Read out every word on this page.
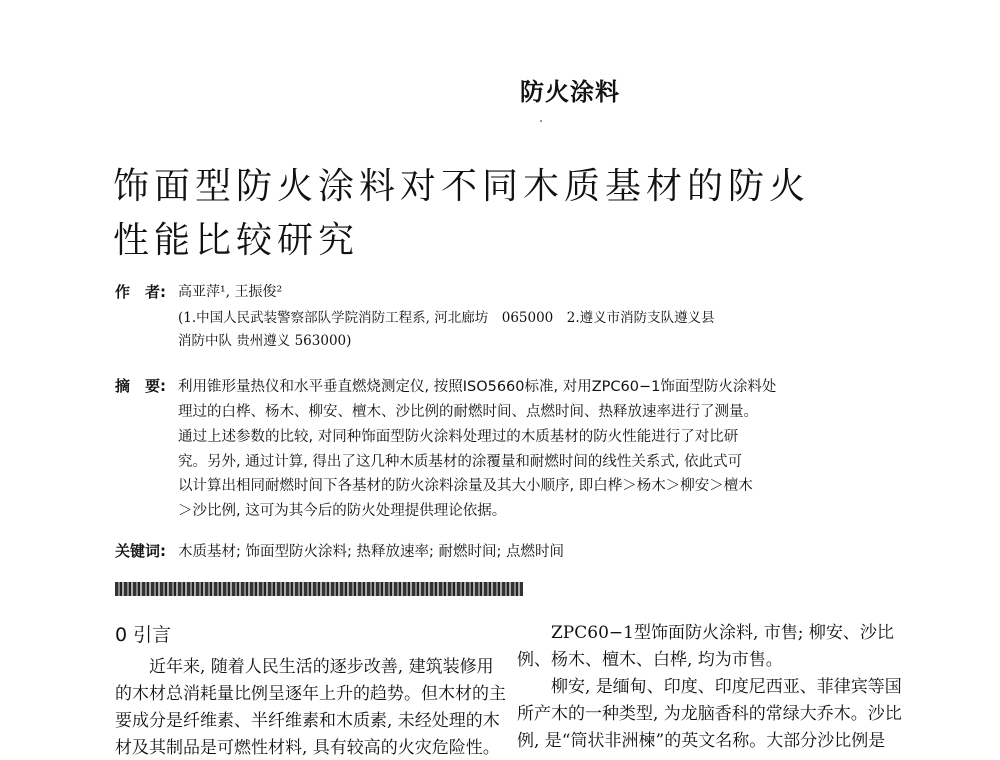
防火涂料
饰面型防火涂料对不同木质基材的防火
性能比较研究
作　者: 高亚萍¹, 王振俊²
(1.中国人民武装警察部队学院消防工程系, 河北廊坊　065000　2.遵义市消防支队遵义县
消防中队 贵州遵义 563000)
摘　要: 利用锥形量热仪和水平垂直燃烧测定仪, 按照ISO5660标准, 对用ZPC60−1饰面型防火涂料处
理过的白桦、杨木、柳安、檀木、沙比例的耐燃时间、点燃时间、热释放速率进行了测量。
通过上述参数的比较, 对同种饰面型防火涂料处理过的木质基材的防火性能进行了对比研
究。另外, 通过计算, 得出了这几种木质基材的涂覆量和耐燃时间的线性关系式, 依此式可
以计算出相同耐燃时间下各基材的防火涂料涂量及其大小顺序, 即白桦＞杨木＞柳安＞檀木
＞沙比例, 这可为其今后的防火处理提供理论依据。
关键词: 木质基材; 饰面型防火涂料; 热释放速率; 耐燃时间; 点燃时间
0 引言
　　近年来, 随着人民生活的逐步改善, 建筑装修用
的木材总消耗量比例呈逐年上升的趋势。但木材的主
要成分是纤维素、半纤维素和木质素, 未经处理的木
材及其制品是可燃性材料, 具有较高的火灾危险性。
　　ZPC60−1型饰面防火涂料, 市售; 柳安、沙比
例、杨木、檀木、白桦, 均为市售。
　　柳安, 是缅甸、印度、印度尼西亚、菲律宾等国
所产木的一种类型, 为龙脑香科的常绿大乔木。沙比
例, 是“筒状非洲楝”的英文名称。大部分沙比例是
